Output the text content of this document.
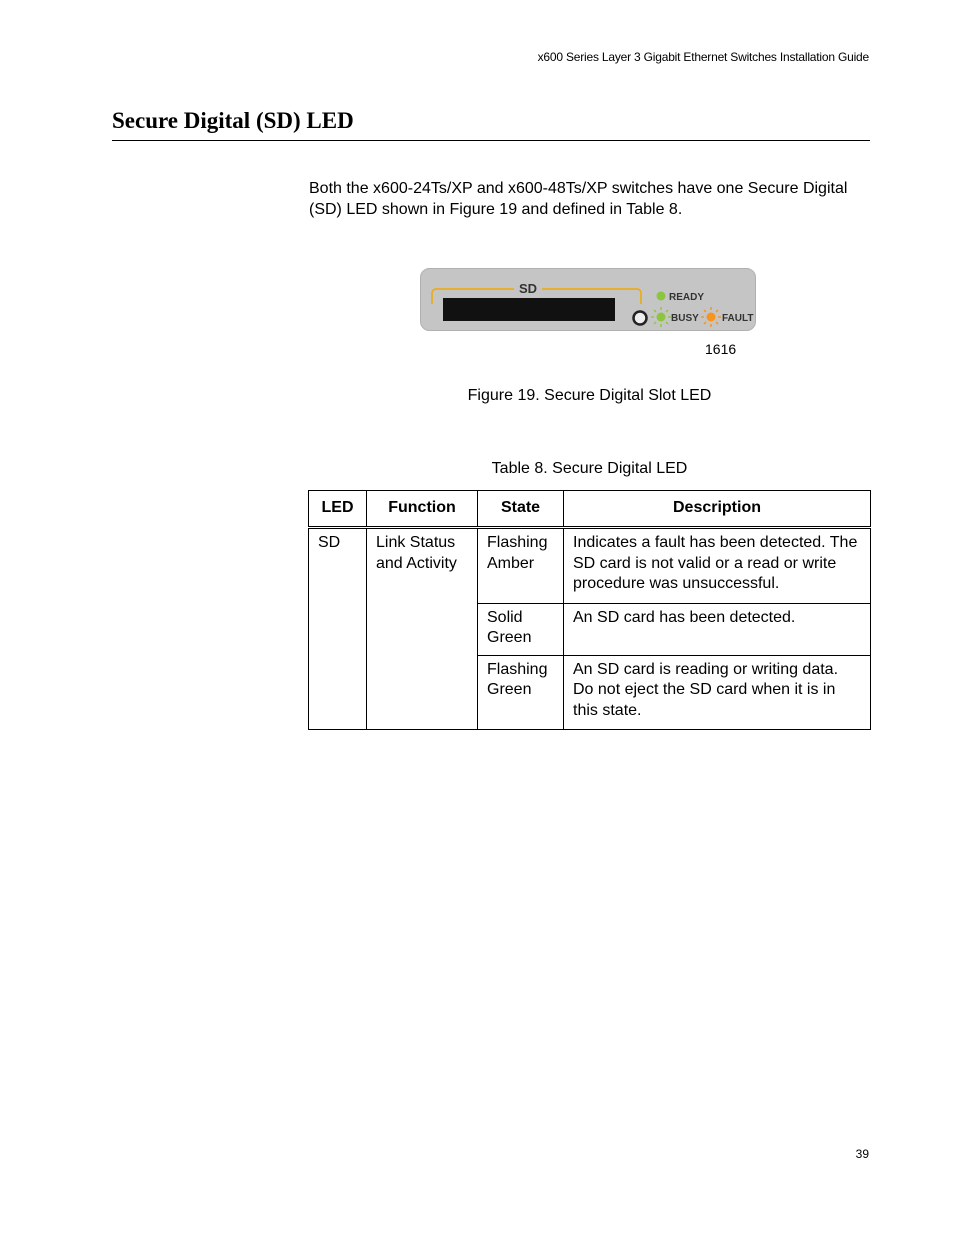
x600 Series Layer 3 Gigabit Ethernet Switches Installation Guide
Secure Digital (SD) LED

Both the x600-24Ts/XP and x600-48Ts/XP switches have one Secure Digital (SD) LED shown in Figure 19 and defined in Table 8.

SD
READY
BUSY FAULT
1616

Figure 19. Secure Digital Slot LED

Table 8. Secure Digital LED

LED	Function	State	Description
SD	Link Status and Activity	Flashing Amber	Indicates a fault has been detected. The SD card is not valid or a read or write procedure was unsuccessful.
		Solid Green	An SD card has been detected.
		Flashing Green	An SD card is reading or writing data. Do not eject the SD card when it is in this state.
39
